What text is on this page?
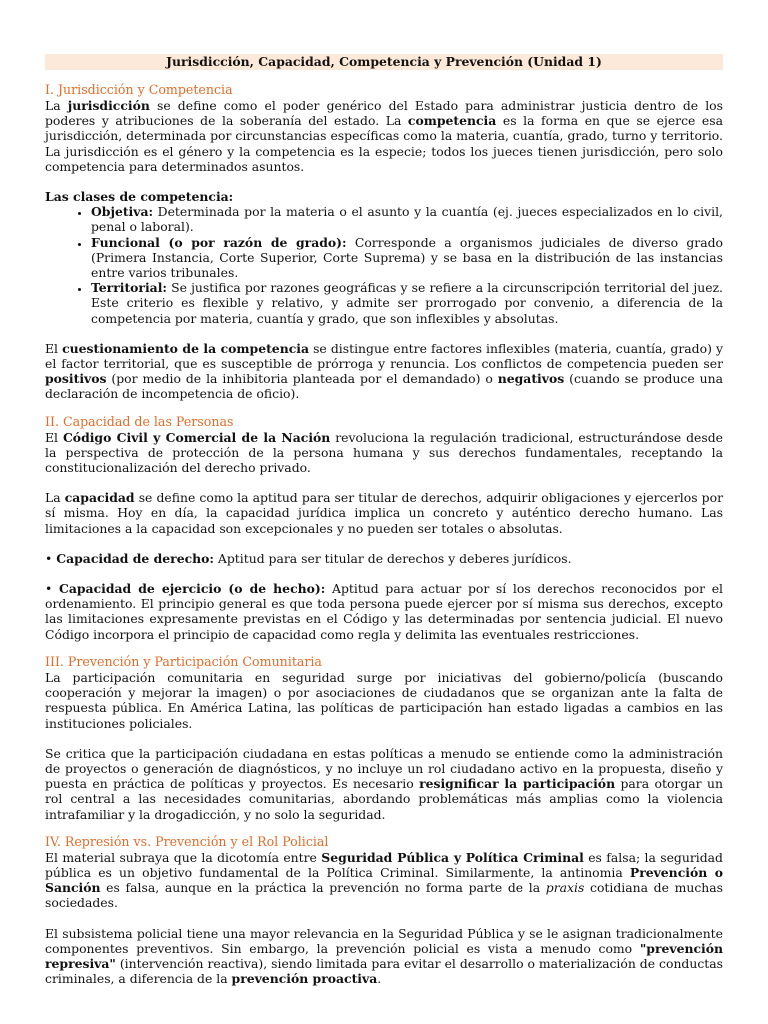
Jurisdicción, Capacidad, Competencia y Prevención (Unidad 1)
I. Jurisdicción y Competencia

La jurisdicción se define como el poder genérico del Estado para administrar justicia dentro de los poderes y atribuciones de la soberanía del estado. La competencia es la forma en que se ejerce esa jurisdicción, determinada por circunstancias específicas como la materia, cuantía, grado, turno y territorio. La jurisdicción es el género y la competencia es la especie; todos los jueces tienen jurisdicción, pero solo competencia para determinados asuntos.

Las clases de competencia:

• Objetiva: Determinada por la materia o el asunto y la cuantía (ej. jueces especializados en lo civil, penal o laboral).
• Funcional (o por razón de grado): Corresponde a organismos judiciales de diverso grado (Primera Instancia, Corte Superior, Corte Suprema) y se basa en la distribución de las instancias entre varios tribunales.
• Territorial: Se justifica por razones geográficas y se refiere a la circunscripción territorial del juez. Este criterio es flexible y relativo, y admite ser prorrogado por convenio, a diferencia de la competencia por materia, cuantía y grado, que son inflexibles y absolutas.

El cuestionamiento de la competencia se distingue entre factores inflexibles (materia, cuantía, grado) y el factor territorial, que es susceptible de prórroga y renuncia. Los conflictos de competencia pueden ser positivos (por medio de la inhibitoria planteada por el demandado) o negativos (cuando se produce una declaración de incompetencia de oficio).

II. Capacidad de las Personas

El Código Civil y Comercial de la Nación revoluciona la regulación tradicional, estructurándose desde la perspectiva de protección de la persona humana y sus derechos fundamentales, receptando la constitucionalización del derecho privado.

La capacidad se define como la aptitud para ser titular de derechos, adquirir obligaciones y ejercerlos por sí misma. Hoy en día, la capacidad jurídica implica un concreto y auténtico derecho humano. Las limitaciones a la capacidad son excepcionales y no pueden ser totales o absolutas.

• Capacidad de derecho: Aptitud para ser titular de derechos y deberes jurídicos.

• Capacidad de ejercicio (o de hecho): Aptitud para actuar por sí los derechos reconocidos por el ordenamiento. El principio general es que toda persona puede ejercer por sí misma sus derechos, excepto las limitaciones expresamente previstas en el Código y las determinadas por sentencia judicial. El nuevo Código incorpora el principio de capacidad como regla y delimita las eventuales restricciones.

III. Prevención y Participación Comunitaria

La participación comunitaria en seguridad surge por iniciativas del gobierno/policía (buscando cooperación y mejorar la imagen) o por asociaciones de ciudadanos que se organizan ante la falta de respuesta pública. En América Latina, las políticas de participación han estado ligadas a cambios en las instituciones policiales.

Se critica que la participación ciudadana en estas políticas a menudo se entiende como la administración de proyectos o generación de diagnósticos, y no incluye un rol ciudadano activo en la propuesta, diseño y puesta en práctica de políticas y proyectos. Es necesario resignificar la participación para otorgar un rol central a las necesidades comunitarias, abordando problemáticas más amplias como la violencia intrafamiliar y la drogadicción, y no solo la seguridad.

IV. Represión vs. Prevención y el Rol Policial

El material subraya que la dicotomía entre Seguridad Pública y Política Criminal es falsa; la seguridad pública es un objetivo fundamental de la Política Criminal. Similarmente, la antinomia Prevención o Sanción es falsa, aunque en la práctica la prevención no forma parte de la praxis cotidiana de muchas sociedades.

El subsistema policial tiene una mayor relevancia en la Seguridad Pública y se le asignan tradicionalmente componentes preventivos. Sin embargo, la prevención policial es vista a menudo como "prevención represiva" (intervención reactiva), siendo limitada para evitar el desarrollo o materialización de conductas criminales, a diferencia de la prevención proactiva.
